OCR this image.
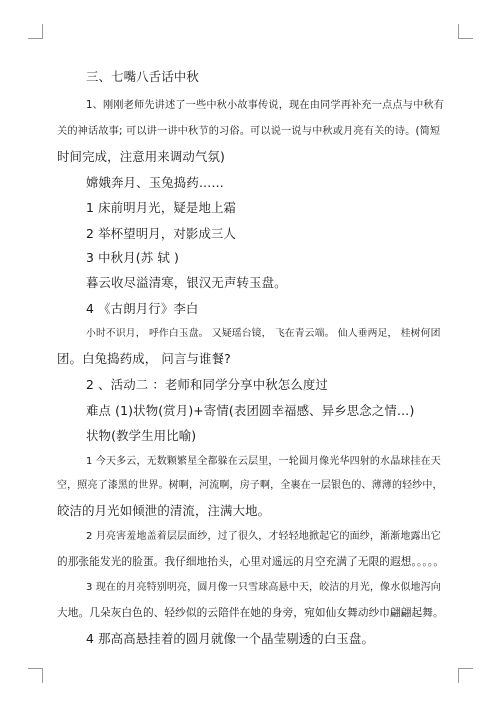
三、七嘴八舌话中秋
1、刚刚老师先讲述了一些中秋小故事传说，现在由同学再补充一点点与中秋有
关的神话故事; 可以讲一讲中秋节的习俗。可以说一说与中秋或月亮有关的诗。(简短
时间完成，注意用来调动气氛)
嫦娥奔月、玉兔捣药……
1 床前明月光，疑是地上霜
2 举杯望明月，对影成三人
3 中秋月(苏 轼 )
暮云收尽溢清寒，银汉无声转玉盘。
4 《古朗月行》李白
小时不识月， 呼作白玉盘。 又疑瑶台镜， 飞在青云端。 仙人垂两足， 桂树何团
团。白兔捣药成， 问言与谁餐?
2 、活动二 ：老师和同学分享中秋怎么度过
难点 (1)状物(赏月)+寄情(表团圆幸福感、异乡思念之情…)
状物(教学生用比喻)
1 今天多云，无数颗繁星全都躲在云层里，一轮圆月像光华四射的水晶球挂在天
空，照亮了漆黑的世界。树啊，河流啊，房子啊，全裹在一层银色的、薄薄的轻纱中，
皎洁的月光如倾泄的清流，注满大地。
2 月亮害羞地盖着层层面纱，过了很久，才轻轻地掀起它的面纱，渐渐地露出它
的那张能发光的脸蛋。我仔细地抬头，心里对遥远的月空充满了无限的遐想。。。。。
3 现在的月亮特别明亮，圆月像一只雪球高悬中天，皎洁的月光，像水似地泻向
大地。几朵灰白色的、轻纱似的云陪伴在她的身旁，宛如仙女舞动纱巾翩翩起舞。
4 那高高悬挂着的圆月就像一个晶莹剔透的白玉盘。
